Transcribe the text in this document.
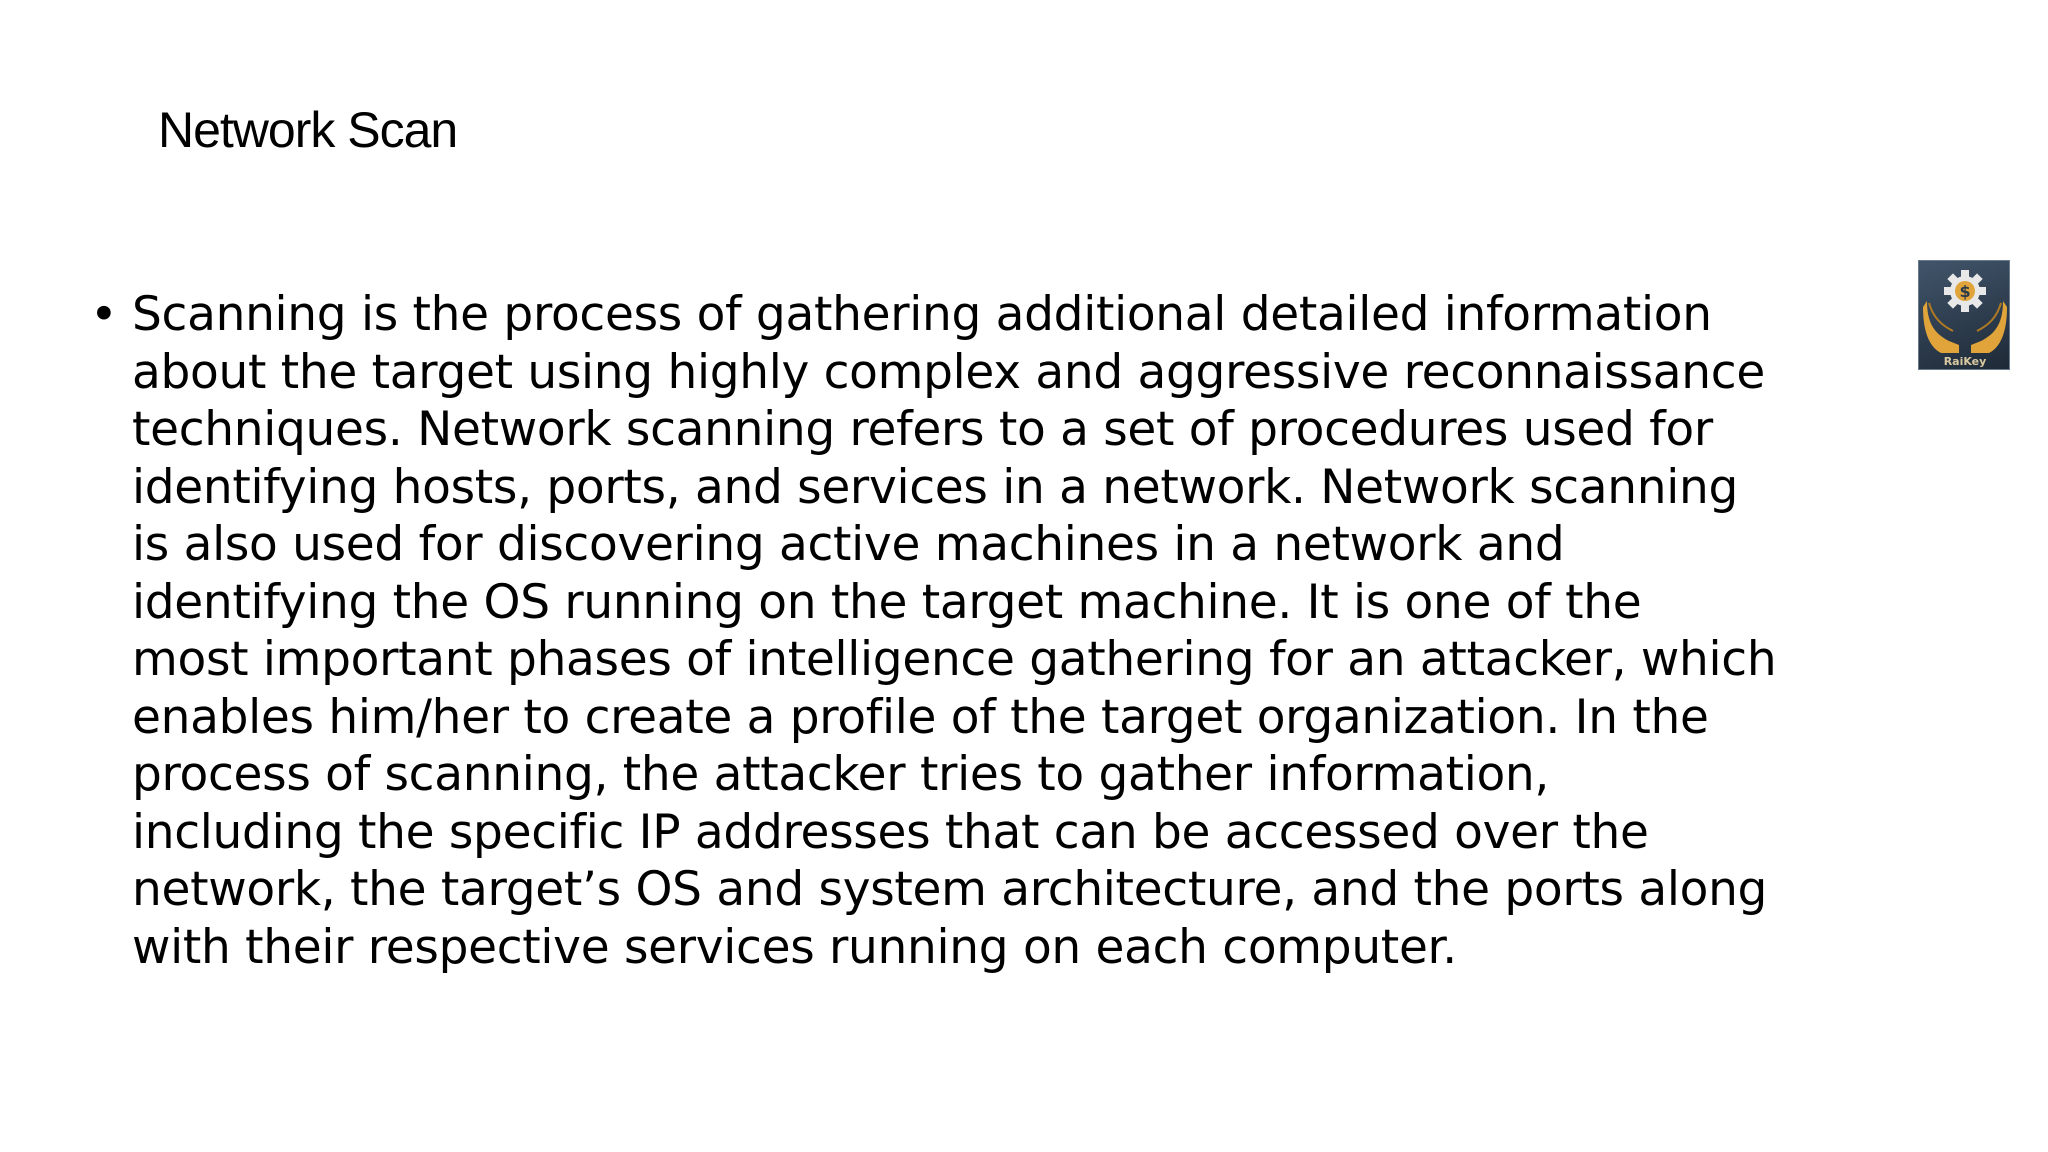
Network Scan
• Scanning is the process of gathering additional detailed information
about the target using highly complex and aggressive reconnaissance
techniques. Network scanning refers to a set of procedures used for
identifying hosts, ports, and services in a network. Network scanning
is also used for discovering active machines in a network and
identifying the OS running on the target machine. It is one of the
most important phases of intelligence gathering for an attacker, which
enables him/her to create a profile of the target organization. In the
process of scanning, the attacker tries to gather information,
including the specific IP addresses that can be accessed over the
network, the target’s OS and system architecture, and the ports along
with their respective services running on each computer.
$
RaiKey
